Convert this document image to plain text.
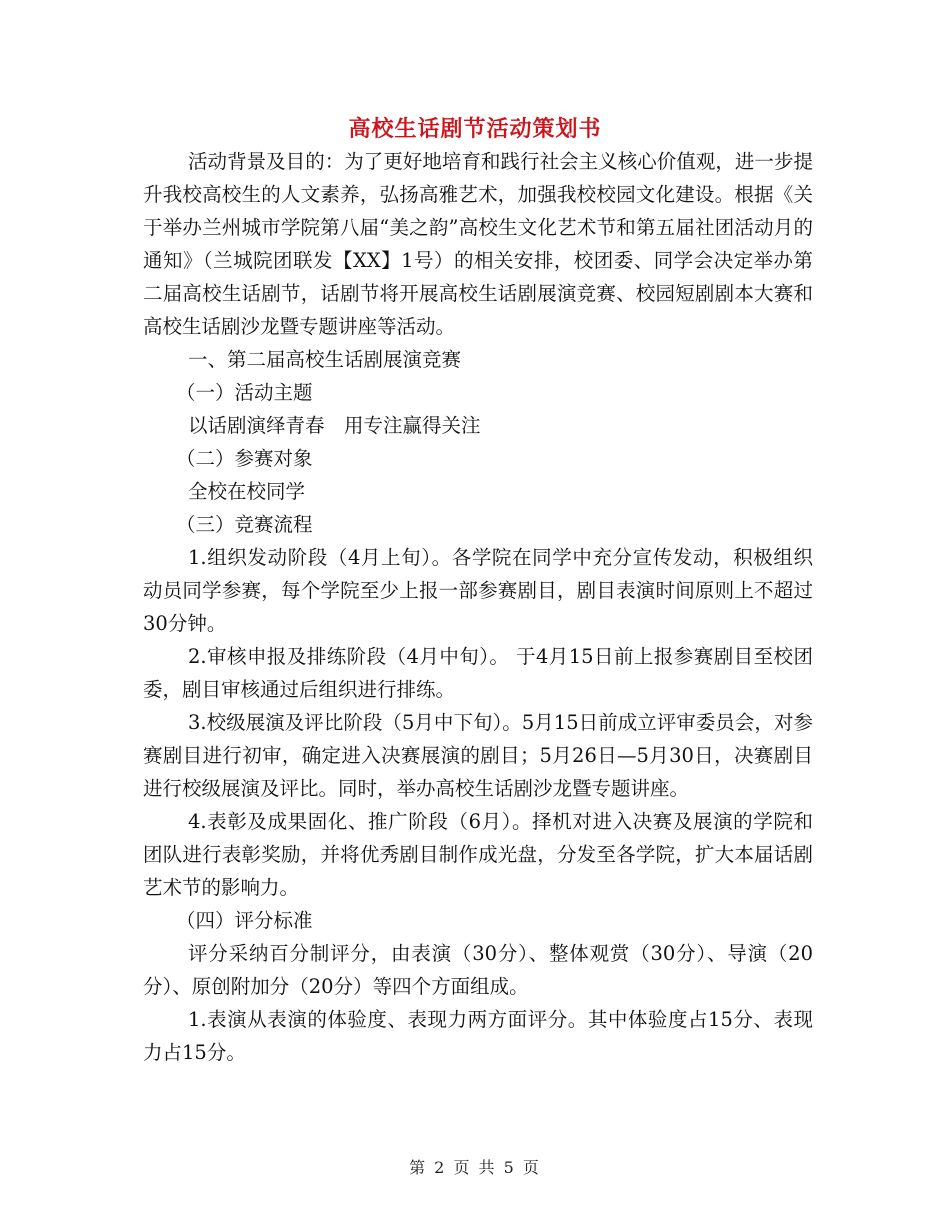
高校生话剧节活动策划书

活动背景及目的：为了更好地培育和践行社会主义核心价值观，进一步提升我校高校生的人文素养，弘扬高雅艺术，加强我校校园文化建设。根据《关于举办兰州城市学院第八届“美之韵”高校生文化艺术节和第五届社团活动月的通知》（兰城院团联发【XX】1号）的相关安排，校团委、同学会决定举办第二届高校生话剧节，话剧节将开展高校生话剧展演竞赛、校园短剧剧本大赛和高校生话剧沙龙暨专题讲座等活动。

一、第二届高校生话剧展演竞赛

（一）活动主题

以话剧演绎青春　用专注赢得关注

（二）参赛对象

全校在校同学

（三）竞赛流程

1.组织发动阶段（4月上旬）。各学院在同学中充分宣传发动，积极组织动员同学参赛，每个学院至少上报一部参赛剧目，剧目表演时间原则上不超过30分钟。

2.审核申报及排练阶段（4月中旬）。 于4月15日前上报参赛剧目至校团委，剧目审核通过后组织进行排练。

3.校级展演及评比阶段（5月中下旬）。5月15日前成立评审委员会，对参赛剧目进行初审，确定进入决赛展演的剧目；5月26日—5月30日，决赛剧目进行校级展演及评比。同时，举办高校生话剧沙龙暨专题讲座。

4.表彰及成果固化、推广阶段（6月）。择机对进入决赛及展演的学院和团队进行表彰奖励，并将优秀剧目制作成光盘，分发至各学院，扩大本届话剧艺术节的影响力。

（四）评分标准

评分采纳百分制评分，由表演（30分）、整体观赏（30分）、导演（20分）、原创附加分（20分）等四个方面组成。

1.表演从表演的体验度、表现力两方面评分。其中体验度占15分、表现力占15分。

第 2 页 共 5 页
